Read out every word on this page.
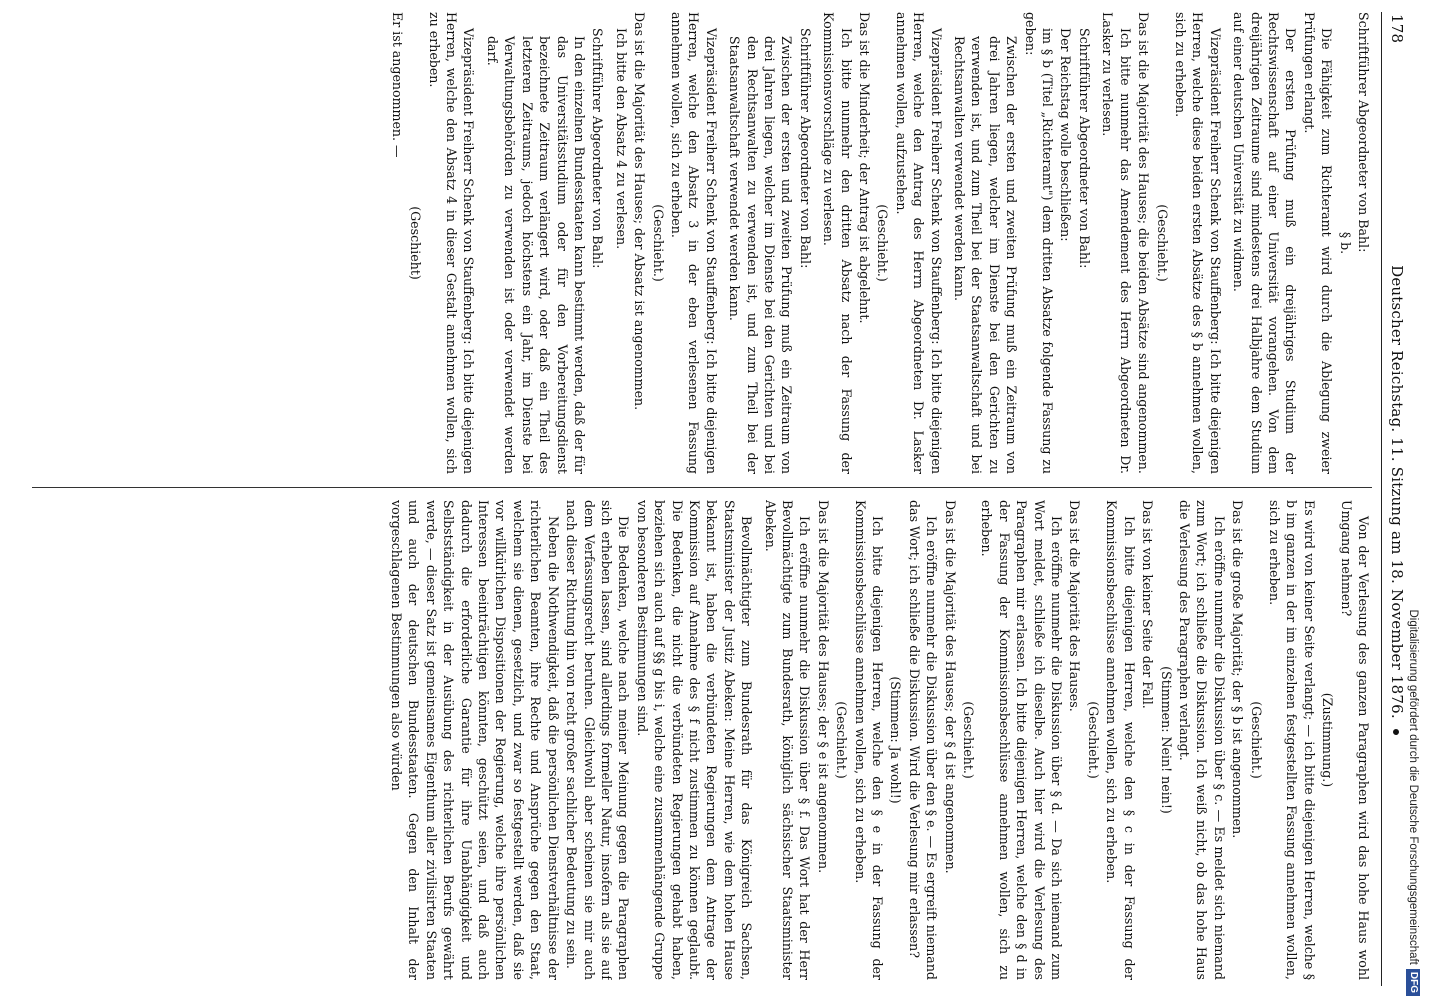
178
Deutscher Reichstag. 11. Sitzung am 18. November 1876.

Schriftführer Abgeordneter von Bahl:

§ b.

Die Fähigkeit zum Richteramt wird durch die Ablegung zweier Prüfungen erlangt.

Der ersten Prüfung muß ein dreijähriges Studium der Rechtswissenschaft auf einer Universität vorangehen. Von dem dreijährigen Zeitraume sind mindestens drei Halbjahre dem Studium auf einer deutschen Universität zu widmen.

Vizepräsident Freiherr Schenk von Stauffenberg: Ich bitte diejenigen Herren, welche diese beiden ersten Absätze des § b annehmen wollen, sich zu erheben.

(Geschieht.)

Das ist die Majorität des Hauses; die beiden Absätze sind angenommen.

Ich bitte nunmehr das Amendement des Herrn Abgeordneten Dr. Lasker zu verlesen.

Schriftführer Abgeordneter von Bahl:

Der Reichstag wolle beschließen:

im § b (Titel „Richteramt") dem dritten Absatze folgende Fassung zu geben:

Zwischen der ersten und zweiten Prüfung muß ein Zeitraum von drei Jahren liegen, welcher im Dienste bei den Gerichten zu verwenden ist, und zum Theil bei der Staatsanwaltschaft und bei Rechtsanwalten verwendet werden kann.

Vizepräsident Freiherr Schenk von Stauffenberg: Ich bitte diejenigen Herren, welche den Antrag des Herrn Abgeordneten Dr. Lasker annehmen wollen, aufzustehen.

(Geschieht.)

Das ist die Minderheit; der Antrag ist abgelehnt.

Ich bitte nunmehr den dritten Absatz nach der Fassung der Kommissionsvorschläge zu verlesen.

Schriftführer Abgeordneter von Bahl:

Zwischen der ersten und zweiten Prüfung muß ein Zeitraum von drei Jahren liegen, welcher im Dienste bei den Gerichten und bei den Rechtsanwalten zu verwenden ist, und zum Theil bei der Staatsanwaltschaft verwendet werden kann.

Vizepräsident Freiherr Schenk von Stauffenberg: Ich bitte diejenigen Herren, welche den Absatz 3 in der eben verlesenen Fassung annehmen wollen, sich zu erheben.

(Geschieht.)

Das ist die Majorität des Hauses; der Absatz ist angenommen.

Ich bitte den Absatz 4 zu verlesen.

Schriftführer Abgeordneter von Bahl:

In den einzelnen Bundesstaaten kann bestimmt werden, daß der für das Universitätsstudium oder für den Vorbereitungsdienst bezeichnete Zeitraum verlängert wird, oder daß ein Theil des letzteren Zeitraums, jedoch höchstens ein Jahr, im Dienste bei Verwaltungsbehörden zu verwenden ist oder verwendet werden darf.

Vizepräsident Freiherr Schenk von Stauffenberg: Ich bitte diejenigen Herren, welche den Absatz 4 in dieser Gestalt annehmen wollen, sich zu erheben.

(Geschieht)

Er ist angenommen. —

Von der Verlesung des ganzen Paragraphen wird das hohe Haus wohl Umgang nehmen?

(Zustimmung.)

Es wird von keiner Seite verlangt; — ich bitte diejenigen Herren, welche § b im ganzen in der im einzelnen festgestellten Fassung annehmen wollen, sich zu erheben.

(Geschieht.)

Das ist die große Majorität; der § b ist angenommen.

Ich eröffne nunmehr die Diskussion über § c. — Es meldet sich niemand zum Wort; ich schließe die Diskussion. Ich weiß nicht, ob das hohe Haus die Verlesung des Paragraphen verlangt.

(Stimmen: Nein! nein!)

Das ist von keiner Seite der Fall.

Ich bitte diejenigen Herren, welche den § c in der Fassung der Kommissionsbeschlüsse annehmen wollen, sich zu erheben.

(Geschieht.)

Das ist die Majorität des Hauses.

Ich eröffne nunmehr die Diskussion über § d. — Da sich niemand zum Wort meldet, schließe ich dieselbe. Auch hier wird die Verlesung des Paragraphen mir erlassen. Ich bitte diejenigen Herren, welche den § d in der Fassung der Kommissionsbeschlüsse annehmen wollen, sich zu erheben.

(Geschieht.)

Das ist die Majorität des Hauses; der § d ist angenommen.

Ich eröffne nunmehr die Diskussion über den § e. — Es ergreift niemand das Wort; ich schließe die Diskussion. Wird die Verlesung mir erlassen?

(Stimmen: Ja wohl!)

Ich bitte diejenigen Herren, welche den § e in der Fassung der Kommissionsbeschlüsse annehmen wollen, sich zu erheben.

(Geschieht.)

Das ist die Majorität des Hauses; der § e ist angenommen.

Ich eröffne nunmehr die Diskussion über § f. Das Wort hat der Herr Bevollmächtigte zum Bundesrath, königlich sächsischer Staatsminister Abeken.

Bevollmächtigter zum Bundesrath für das Königreich Sachsen, Staatsminister der Justiz Abeken: Meine Herren, wie dem hohen Hause bekannt ist, haben die verbündeten Regierungen dem Antrage der Kommission auf Annahme des § f nicht zustimmen zu können geglaubt. Die Bedenken, die nicht die verbündeten Regierungen gehabt haben, beziehen sich auch auf §§ g bis i, welche eine zusammenhängende Gruppe von besonderen Bestimmungen sind.

Die Bedenken, welche nach meiner Meinung gegen die Paragraphen sich erheben lassen, sind allerdings formeller Natur, insofern als sie auf dem Verfassungsrecht beruhen. Gleichwohl aber scheinen sie mir auch nach dieser Richtung hin von recht großer sachlicher Bedeutung zu sein.

Neben die Nothwendigkeit, daß die persönlichen Dienstverhältnisse der richterlichen Beamten, ihre Rechte und Ansprüche gegen den Staat, welchem sie dienen, gesetzlich, und zwar so festgestellt werden, daß sie vor willkürlichen Dispositionen der Regierung, welche ihre persönlichen Interessen beeinträchtigen könnten, geschützt seien, und daß auch dadurch die erforderliche Garantie für ihre Unabhängigkeit und Selbstständigkeit in der Ausübung des richterlichen Berufs gewährt werde, — dieser Satz ist gemeinsames Eigenthum aller zivilisirten Staaten und auch der deutschen Bundesstaaten. Gegen den Inhalt der vorgeschlagenen Bestimmungen also würden	Digitalisierung gefördert durch die Deutsche ForschungsgemeinschaftDFG
